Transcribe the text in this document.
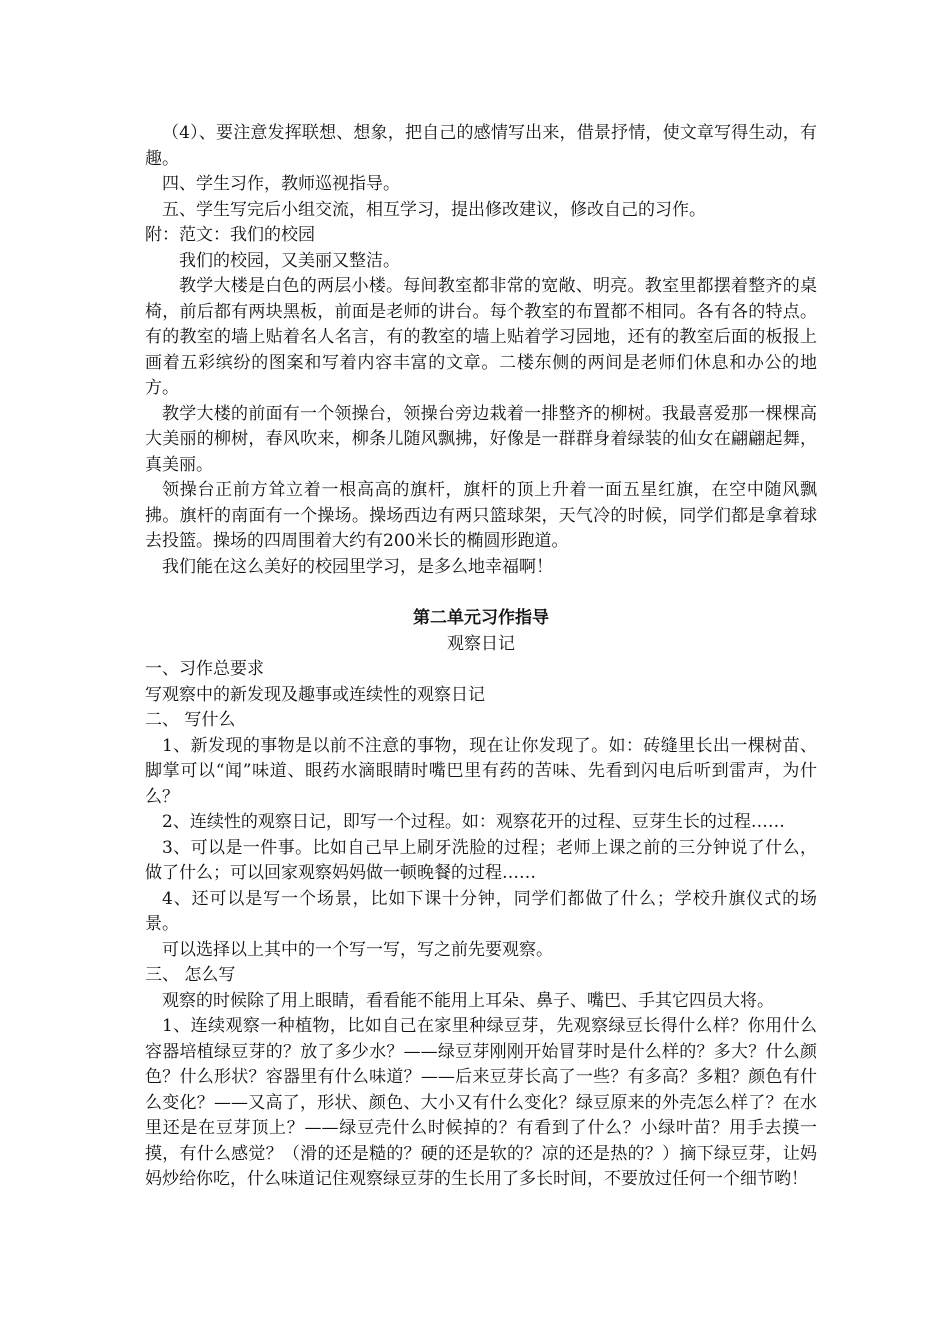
（4）、要注意发挥联想、想象，把自己的感情写出来，借景抒情，使文章写得生动，有趣。

四、学生习作，教师巡视指导。

五、学生写完后小组交流，相互学习，提出修改建议，修改自己的习作。

附：范文：我们的校园

我们的校园，又美丽又整洁。

教学大楼是白色的两层小楼。每间教室都非常的宽敞、明亮。教室里都摆着整齐的桌椅，前后都有两块黑板，前面是老师的讲台。每个教室的布置都不相同。各有各的特点。有的教室的墙上贴着名人名言，有的教室的墙上贴着学习园地，还有的教室后面的板报上画着五彩缤纷的图案和写着内容丰富的文章。二楼东侧的两间是老师们休息和办公的地方。

教学大楼的前面有一个领操台，领操台旁边栽着一排整齐的柳树。我最喜爱那一棵棵高大美丽的柳树，春风吹来，柳条儿随风飘拂，好像是一群群身着绿装的仙女在翩翩起舞，真美丽。

领操台正前方耸立着一根高高的旗杆，旗杆的顶上升着一面五星红旗，在空中随风飘拂。旗杆的南面有一个操场。操场西边有两只篮球架，天气冷的时候，同学们都是拿着球去投篮。操场的四周围着大约有200米长的椭圆形跑道。

我们能在这么美好的校园里学习，是多么地幸福啊！

第二单元习作指导

观察日记

一、习作总要求

写观察中的新发现及趣事或连续性的观察日记

二、 写什么

1、新发现的事物是以前不注意的事物，现在让你发现了。如：砖缝里长出一棵树苗、脚掌可以“闻”味道、眼药水滴眼睛时嘴巴里有药的苦味、先看到闪电后听到雷声，为什么？

2、连续性的观察日记，即写一个过程。如：观察花开的过程、豆芽生长的过程……

3、可以是一件事。比如自己早上刷牙洗脸的过程；老师上课之前的三分钟说了什么，做了什么；可以回家观察妈妈做一顿晚餐的过程……

4、还可以是写一个场景，比如下课十分钟，同学们都做了什么；学校升旗仪式的场景。

可以选择以上其中的一个写一写，写之前先要观察。

三、 怎么写

观察的时候除了用上眼睛，看看能不能用上耳朵、鼻子、嘴巴、手其它四员大将。

1、连续观察一种植物，比如自己在家里种绿豆芽，先观察绿豆长得什么样？你用什么容器培植绿豆芽的？放了多少水？——绿豆芽刚刚开始冒芽时是什么样的？多大？什么颜色？什么形状？容器里有什么味道？——后来豆芽长高了一些？有多高？多粗？颜色有什么变化？——又高了，形状、颜色、大小又有什么变化？绿豆原来的外壳怎么样了？在水里还是在豆芽顶上？——绿豆壳什么时候掉的？有看到了什么？小绿叶苗？用手去摸一摸，有什么感觉？（滑的还是糙的？硬的还是软的？凉的还是热的？）摘下绿豆芽，让妈妈炒给你吃，什么味道记住观察绿豆芽的生长用了多长时间，不要放过任何一个细节哟！
